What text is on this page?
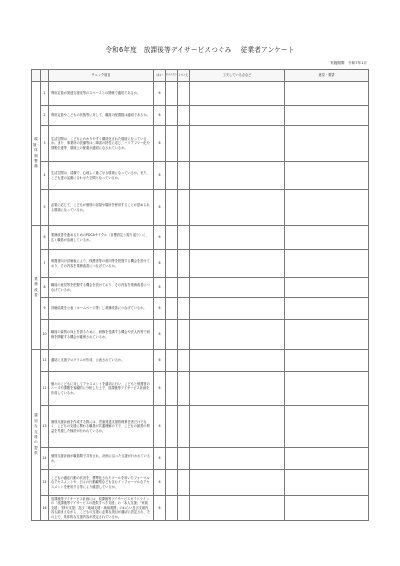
令和6年度　放課後等デイサービスつぐみ　 従業者アンケート
実施期間　令和7年1月
		チェック項目	はい	わからない	いいえ	工夫している点など	意見・要望
環境・体制整備	1	利用定員が発達支援室等のスペースとの関係で適切であるか。	6				
	2	利用定員やこどもの状態等に対して、職員の配置数は適切であるか。	6				
	3	生活空間は、こどもにわかりやすく構造化された環境になっているか。また、事業所の設備等は、障害の特性に応じ、バリアフリー化や情報伝達等、環境上の配慮が適切になされているか。	6				
	4	生活空間は、清潔で、心地よく過ごせる環境になっているか。また、こども達の活動に合わせた空間となっているか。	6				
	5	必要に応じて、こどもが個別の部屋や場所を使用することが認められる環境になっているか。	6				
業務改善	6	業務改善を進めるためのPDCAサイクル（目標設定と振り返り）に、広く職員が参画しているか。	6				
	7	保護者向け評価表により、保護者等の意向等を把握する機会を設けており、その内容を業務改善につなげているか。	6				
	8	職員の意見等を把握する機会を設けており、その内容を業務改善につなげているか。	6				
	9	評価結果を公表（ホームページ等）し業務改善につなげているか。	6				
	10	職員の資質の向上を図るために、研修を受講する機会や法人内等で研修を開催する機会が確保されているか。	6				
適切な支援の提供	11	適切に支援プログラムが作成、公表されているか。	6				
	12	個々のこどもに対してアセスメントを適切に行い、こどもと保護者のニーズや課題を客観的に分析した上で、放課後等デイサービス計画を作成しているか。	6				
	13	個別支援計画を作成する際には、児童発達支援管理責任者だけでなく、こどもの支援に関わる職員が共通理解の下で、こどもの最善の利益を考慮した検討が行われているか。	6				
	14	個別支援計画が職員間で共有され、計画に沿った支援が行われているか。	6				
	15	こどもの適応行動の状況を、標準化されたツールを用いたフォーマルなアセスメントや、日々の行動観察なども含むインフォーマルなアセスメントを使用する等により確認しているか。	6				
	16	放課後等デイサービス計画には、放課後等デイサービスガイドラインの「放課後等デイサービスの提供すべき支援」の「本人支援」「家族支援」「移行支援」及び「地域支援・地域連携」のねらい及び支援内容も踏まえながら、こどもの支援に必要な項目が適切に設定され、その上で、具体的な支援内容が設定されているか。	6				
